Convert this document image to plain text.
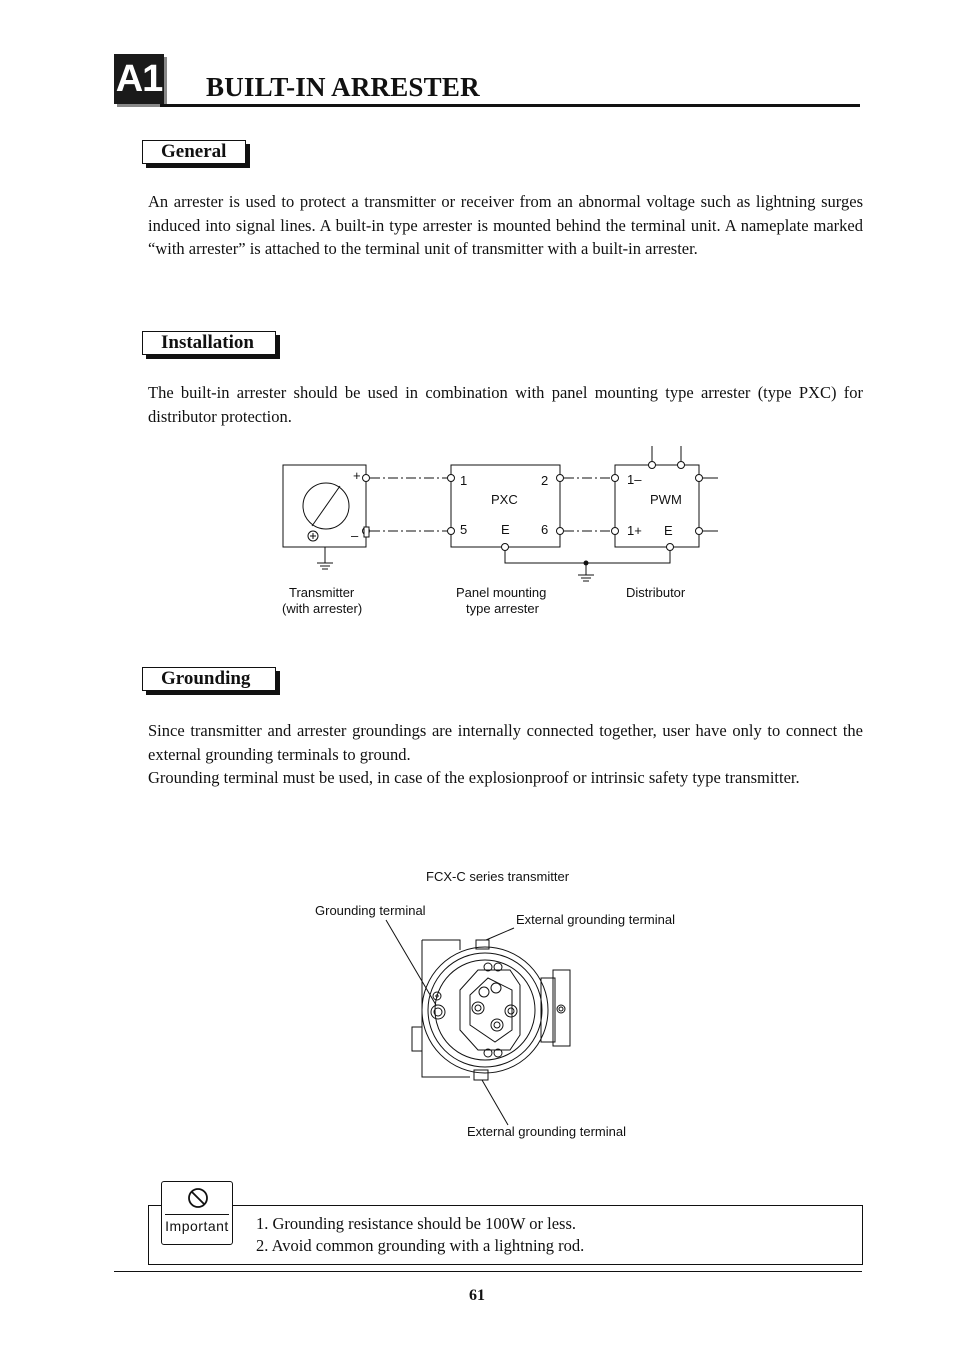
A1 BUILT-IN ARRESTER
General
An arrester is used to protect a transmitter or receiver from an abnormal voltage such as lightning surges induced into signal lines. A built-in type arrester is mounted behind the terminal unit. A nameplate marked “with arrester” is attached to the terminal unit of transmitter with a built-in arrester.
Installation
The built-in arrester should be used in combination with panel mounting type arrester (type PXC) for distributor protection.
+
–
1	2
PXC
5	E 6
1–
PWM
1+ E
Transmitter
(with arrester)
Panel mounting
type arrester
Distributor
Grounding
Since transmitter and arrester groundings are internally connected together, user have only to connect the external grounding terminals to ground.
Grounding terminal must be used, in case of the explosionproof or intrinsic safety type transmitter.
FCX-C series transmitter
Grounding terminal
External grounding terminal
External grounding terminal
1. Grounding resistance should be 100W or less.
2. Avoid common grounding with a lightning rod.
Important
61
